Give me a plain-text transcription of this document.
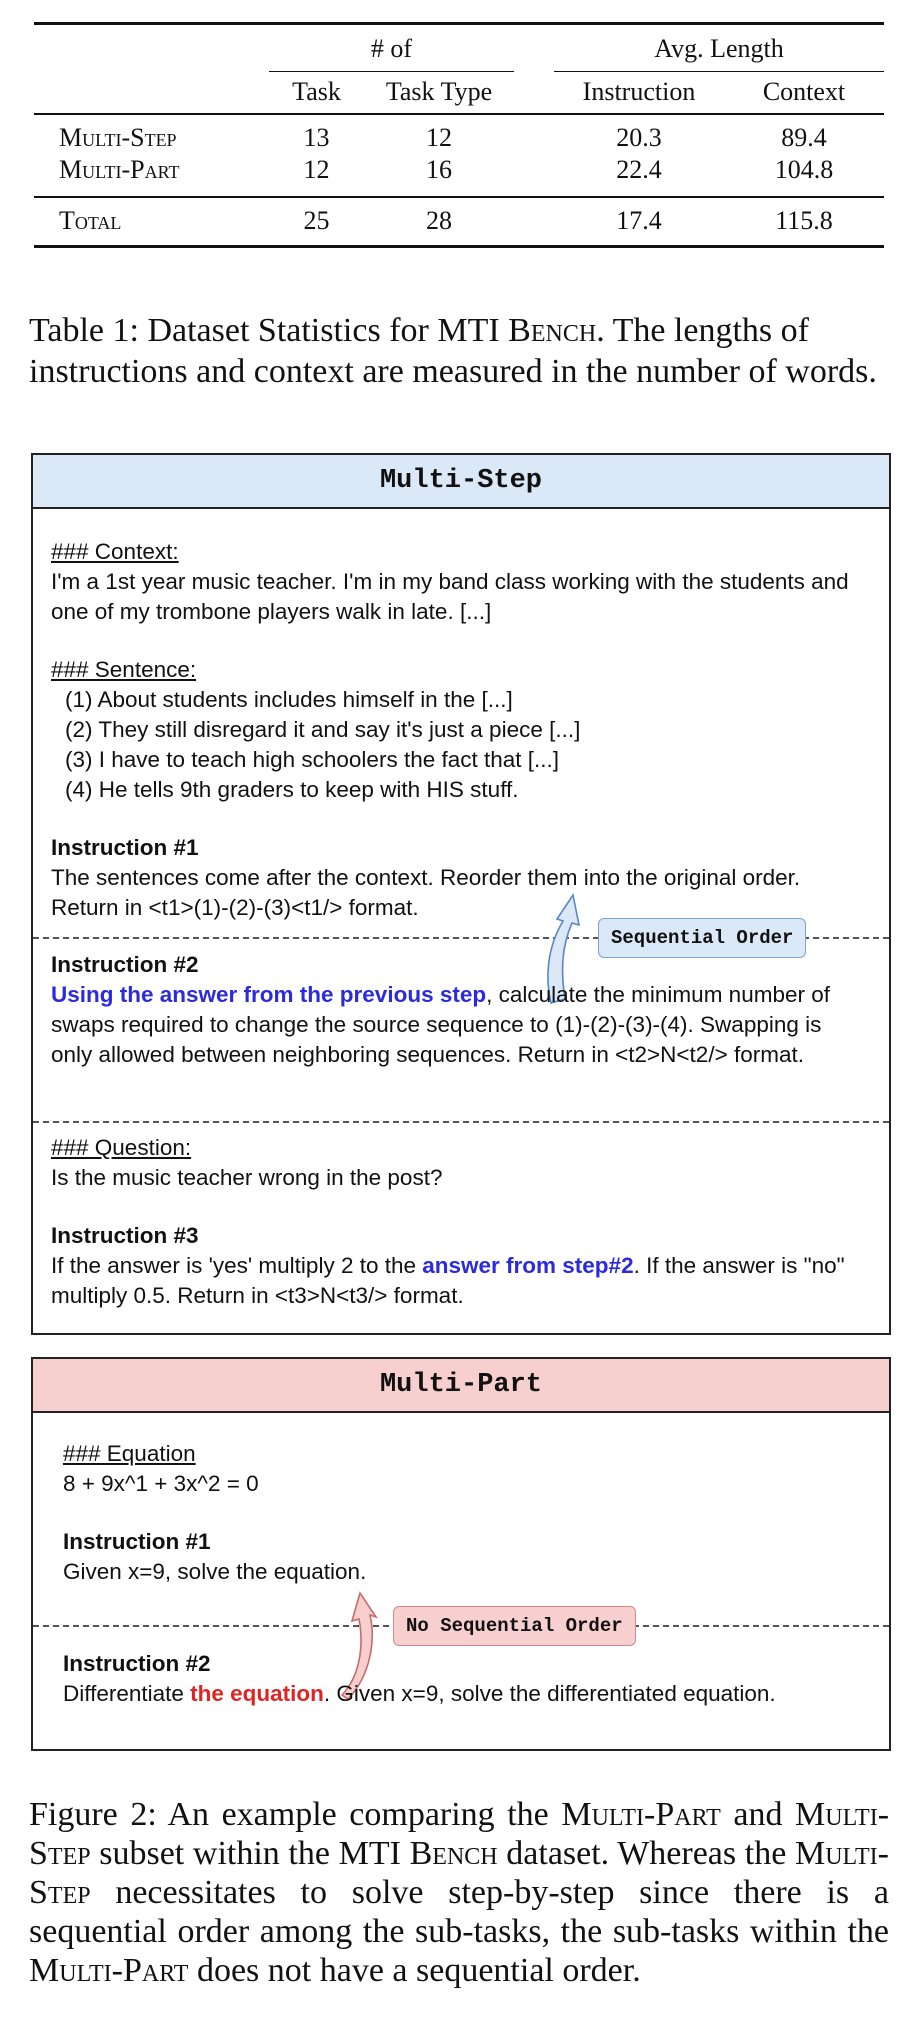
	# of			Avg. Length	

	Task	Task Type		Instruction	Context
Multi-Step	13	12		20.3	89.4
Multi-Part	12	16		22.4	104.8

Total	25	28		17.4	115.8
Table 1: Dataset Statistics for MTI Bench. The lengths of instructions and context are measured in the number of words.
Multi-Step
### Context:
I'm a 1st year music teacher. I'm in my band class working with the students and one of my trombone players walk in late. [...]
### Sentence:
(1) About students includes himself in the [...]
(2) They still disregard it and say it's just a piece [...]
(3) I have to teach high schoolers the fact that [...]
(4) He tells 9th graders to keep with HIS stuff.
Instruction #1
The sentences come after the context. Reorder them into the original order. Return in <t1>(1)-(2)-(3)<t1/> format.
Sequential Order
Instruction #2
Using the answer from the previous step, calculate the minimum number of swaps required to change the source sequence to (1)-(2)-(3)-(4). Swapping is only allowed between neighboring sequences. Return in <t2>N<t2/> format.
### Question:
Is the music teacher wrong in the post?
Instruction #3
If the answer is 'yes' multiply 2 to the answer from step#2. If the answer is "no" multiply 0.5. Return in <t3>N<t3/> format.
Multi-Part
### Equation
8 + 9x^1 + 3x^2 = 0
Instruction #1
Given x=9, solve the equation.
No Sequential Order
Instruction #2
Differentiate the equation. Given x=9, solve the differentiated equation.
Figure 2: An example comparing the Multi-Part and Multi-Step subset within the MTI Bench dataset. Whereas the Multi-Step necessitates to solve step-by-step since there is a sequential order among the sub-tasks, the sub-tasks within the Multi-Part does not have a sequential order.
